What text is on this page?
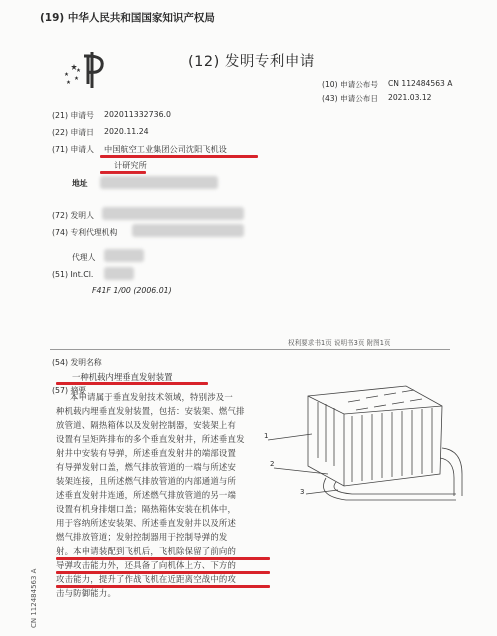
(19) 中华人民共和国国家知识产权局
(12) 发明专利申请
(10) 申请公布号 CN 112484563 A
(43) 申请公布日 2021.03.12
(21) 申请号 202011332736.0
(22) 申请日 2020.11.24
(71) 申请人 中国航空工业集团公司沈阳飞机设
计研究所
地址
(72) 发明人
(74) 专利代理机构
代理人
(51) Int.Cl.
F41F 1/00 (2006.01)
权利要求书1页 说明书3页 附图1页
(54) 发明名称
一种机载内埋垂直发射装置
(57) 摘要
本申请属于垂直发射技术领域，特别涉及一
种机载内埋垂直发射装置，包括：安装架、燃气排
放管道、隔热箱体以及发射控制器，安装架上有
设置有呈矩阵排布的多个垂直发射井，所述垂直发
射井中安装有导弹，所述垂直发射井的端部设置
有导弹发射口盖，燃气排放管道的一端与所述安
装架连接，且所述燃气排放管道的内部通道与所
述垂直发射井连通，所述燃气排放管道的另一端
设置有机身排烟口盖；隔热箱体安装在机体中，
用于容纳所述安装架、所述垂直发射井以及所述
燃气排放管道；发射控制器用于控制导弹的发
射。本申请装配到飞机后，飞机除保留了前向的
导弹攻击能力外，还具备了向机体上方、下方的
攻击能力，提升了作战飞机在近距离空战中的攻
击与防御能力。
CN 112484563 A
1
2
3
